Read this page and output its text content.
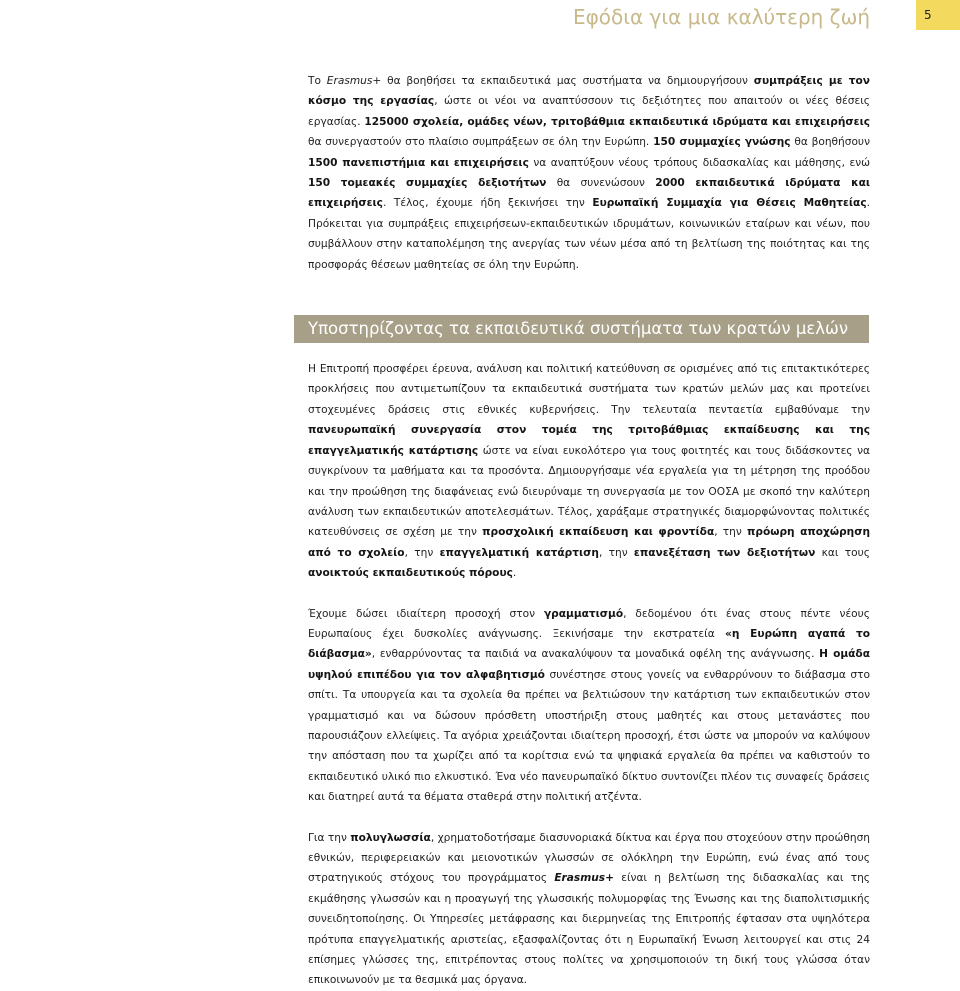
Εφόδια για μια καλύτερη ζωή	5

Το Erasmus+ θα βοηθήσει τα εκπαιδευτικά μας συστήματα να δημιουργήσουν συμπράξεις με τον κόσμο της εργασίας, ώστε οι νέοι να αναπτύσσουν τις δεξιότητες που απαιτούν οι νέες θέσεις εργασίας. 125000 σχολεία, ομάδες νέων, τριτοβάθμια εκπαιδευτικά ιδρύματα και επιχειρήσεις θα συνεργαστούν στο πλαίσιο συμπράξεων σε όλη την Ευρώπη. 150 συμμαχίες γνώσης θα βοηθήσουν 1500 πανεπιστήμια και επιχειρήσεις να αναπτύξουν νέους τρόπους διδασκαλίας και μάθησης, ενώ 150 τομεακές συμμαχίες δεξιοτήτων θα συνενώσουν 2000 εκπαιδευτικά ιδρύματα και επιχειρήσεις. Τέλος, έχουμε ήδη ξεκινήσει την Ευρωπαϊκή Συμμαχία για Θέσεις Μαθητείας. Πρόκειται για συμπράξεις επιχειρήσεων-εκπαιδευτικών ιδρυμάτων, κοινωνικών εταίρων και νέων, που συμβάλλουν στην καταπολέμηση της ανεργίας των νέων μέσα από τη βελτίωση της ποιότητας και της προσφοράς θέσεων μαθητείας σε όλη την Ευρώπη.

Υποστηρίζοντας τα εκπαιδευτικά συστήματα των κρατών μελών

Η Επιτροπή προσφέρει έρευνα, ανάλυση και πολιτική κατεύθυνση σε ορισμένες από τις επιτακτικότερες προκλήσεις που αντιμετωπίζουν τα εκπαιδευτικά συστήματα των κρατών μελών μας και προτείνει στοχευμένες δράσεις στις εθνικές κυβερνήσεις. Την τελευταία πενταετία εμβαθύναμε την πανευρωπαϊκή συνεργασία στον τομέα της τριτοβάθμιας εκπαίδευσης και της επαγγελματικής κατάρτισης ώστε να είναι ευκολότερο για τους φοιτητές και τους διδάσκοντες να συγκρίνουν τα μαθήματα και τα προσόντα. Δημιουργήσαμε νέα εργαλεία για τη μέτρηση της προόδου και την προώθηση της διαφάνειας ενώ διευρύναμε τη συνεργασία με τον ΟΟΣΑ με σκοπό την καλύτερη ανάλυση των εκπαιδευτικών αποτελεσμάτων. Τέλος, χαράξαμε στρατηγικές διαμορφώνοντας πολιτικές κατευθύνσεις σε σχέση με την προσχολική εκπαίδευση και φροντίδα, την πρόωρη αποχώρηση από το σχολείο, την επαγγελματική κατάρτιση, την επανεξέταση των δεξιοτήτων και τους ανοικτούς εκπαιδευτικούς πόρους.

Έχουμε δώσει ιδιαίτερη προσοχή στον γραμματισμό, δεδομένου ότι ένας στους πέντε νέους Ευρωπαίους έχει δυσκολίες ανάγνωσης. Ξεκινήσαμε την εκστρατεία «η Ευρώπη αγαπά το διάβασμα», ενθαρρύνοντας τα παιδιά να ανακαλύψουν τα μοναδικά οφέλη της ανάγνωσης. Η ομάδα υψηλού επιπέδου για τον αλφαβητισμό συνέστησε στους γονείς να ενθαρρύνουν το διάβασμα στο σπίτι. Τα υπουργεία και τα σχολεία θα πρέπει να βελτιώσουν την κατάρτιση των εκπαιδευτικών στον γραμματισμό και να δώσουν πρόσθετη υποστήριξη στους μαθητές και στους μετανάστες που παρουσιάζουν ελλείψεις. Τα αγόρια χρειάζονται ιδιαίτερη προσοχή, έτσι ώστε να μπορούν να καλύψουν την απόσταση που τα χωρίζει από τα κορίτσια ενώ τα ψηφιακά εργαλεία θα πρέπει να καθιστούν το εκπαιδευτικό υλικό πιο ελκυστικό. Ένα νέο πανευρωπαϊκό δίκτυο συντονίζει πλέον τις συναφείς δράσεις και διατηρεί αυτά τα θέματα σταθερά στην πολιτική ατζέντα.

Για την πολυγλωσσία, χρηματοδοτήσαμε διασυνοριακά δίκτυα και έργα που στοχεύουν στην προώθηση εθνικών, περιφερειακών και μειονοτικών γλωσσών σε ολόκληρη την Ευρώπη, ενώ ένας από τους στρατηγικούς στόχους του προγράμματος Erasmus+ είναι η βελτίωση της διδασκαλίας και της εκμάθησης γλωσσών και η προαγωγή της γλωσσικής πολυμορφίας της Ένωσης και της διαπολιτισμικής συνειδητοποίησης. Οι Υπηρεσίες μετάφρασης και διερμηνείας της Επιτροπής έφτασαν στα υψηλότερα πρότυπα επαγγελματικής αριστείας, εξασφαλίζοντας ότι η Ευρωπαϊκή Ένωση λειτουργεί και στις 24 επίσημες γλώσσες της, επιτρέποντας στους πολίτες να χρησιμοποιούν τη δική τους γλώσσα όταν επικοινωνούν με τα θεσμικά μας όργανα.
